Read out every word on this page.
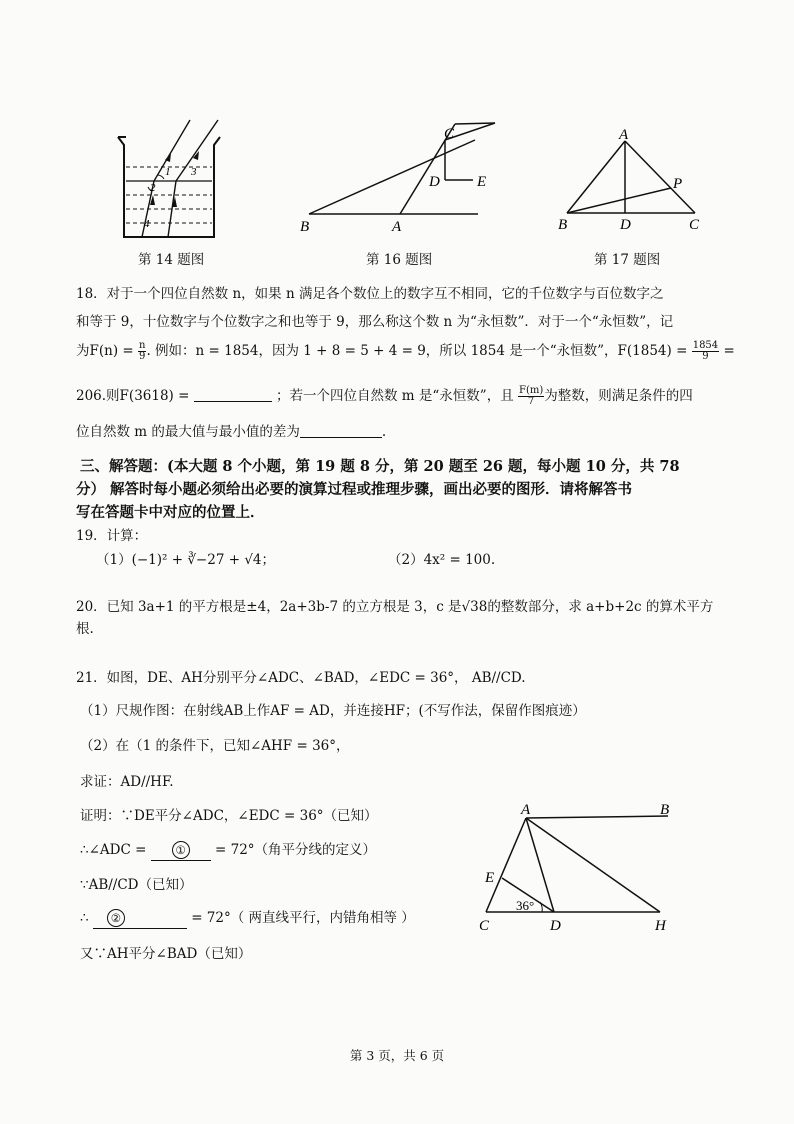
1
2
3
4
第 14 题图
B	A
C
D E
第 16 题图
A
B	D	C
P
第 17 题图
18．对于一个四位自然数 n，如果 n 满足各个数位上的数字互不相同，它的千位数字与百位数字之
和等于 9，十位数字与个位数字之和也等于 9，那么称这个数 n 为“永恒数”．对于一个“永恒数”，记
为$F(n) = \frac{n}{9}$ . 例如：n = 1854，因为 1 + 8 = 5 + 4 = 9，所以 1854 是一个“永恒数”，$F(1854) = \frac{1854}{9}$ =
206.则F(3618) =	；若一个四位自然数 m 是“永恒数”，且 $\frac{F(m)}{7}$ 为整数，则满足条件的四
位自然数 m 的最大值与最小值的差为	.
三、解答题：(本大题 8 个小题，第 19 题 8 分，第 20 题至 26 题，每小题 10 分，共 78
分） 解答时每小题必须给出必要的演算过程或推理步骤，画出必要的图形．请将解答书
写在答题卡中对应的位置上．
19．计算：
（1）(−1)² + ∛−27 + √4；	（2）4x² = 100.
20．已知 3a+1 的平方根是±4，2a+3b-7 的立方根是 3，c 是√38的整数部分，求 a+b+2c 的算术平方
根.
21．如图，DE、AH分别平分∠ADC、∠BAD，∠EDC = 36°， AB//CD.
（1）尺规作图：在射线AB上作AF = AD，并连接HF；(不写作法，保留作图痕迹）
（2）在（1 的条件下，已知∠AHF = 36°，
求证：AD//HF.
证明：∵DE平分∠ADC，∠EDC = 36°（已知）
∴∠ADC =	① = 72°（角平分线的定义）
∵AB//CD（已知）
∴ ②	= 72°（ 两直线平行，内错角相等 ）
又∵AH平分∠BAD（已知）
A	B
E
C	D	H
36°
第 3 页，共 6 页
